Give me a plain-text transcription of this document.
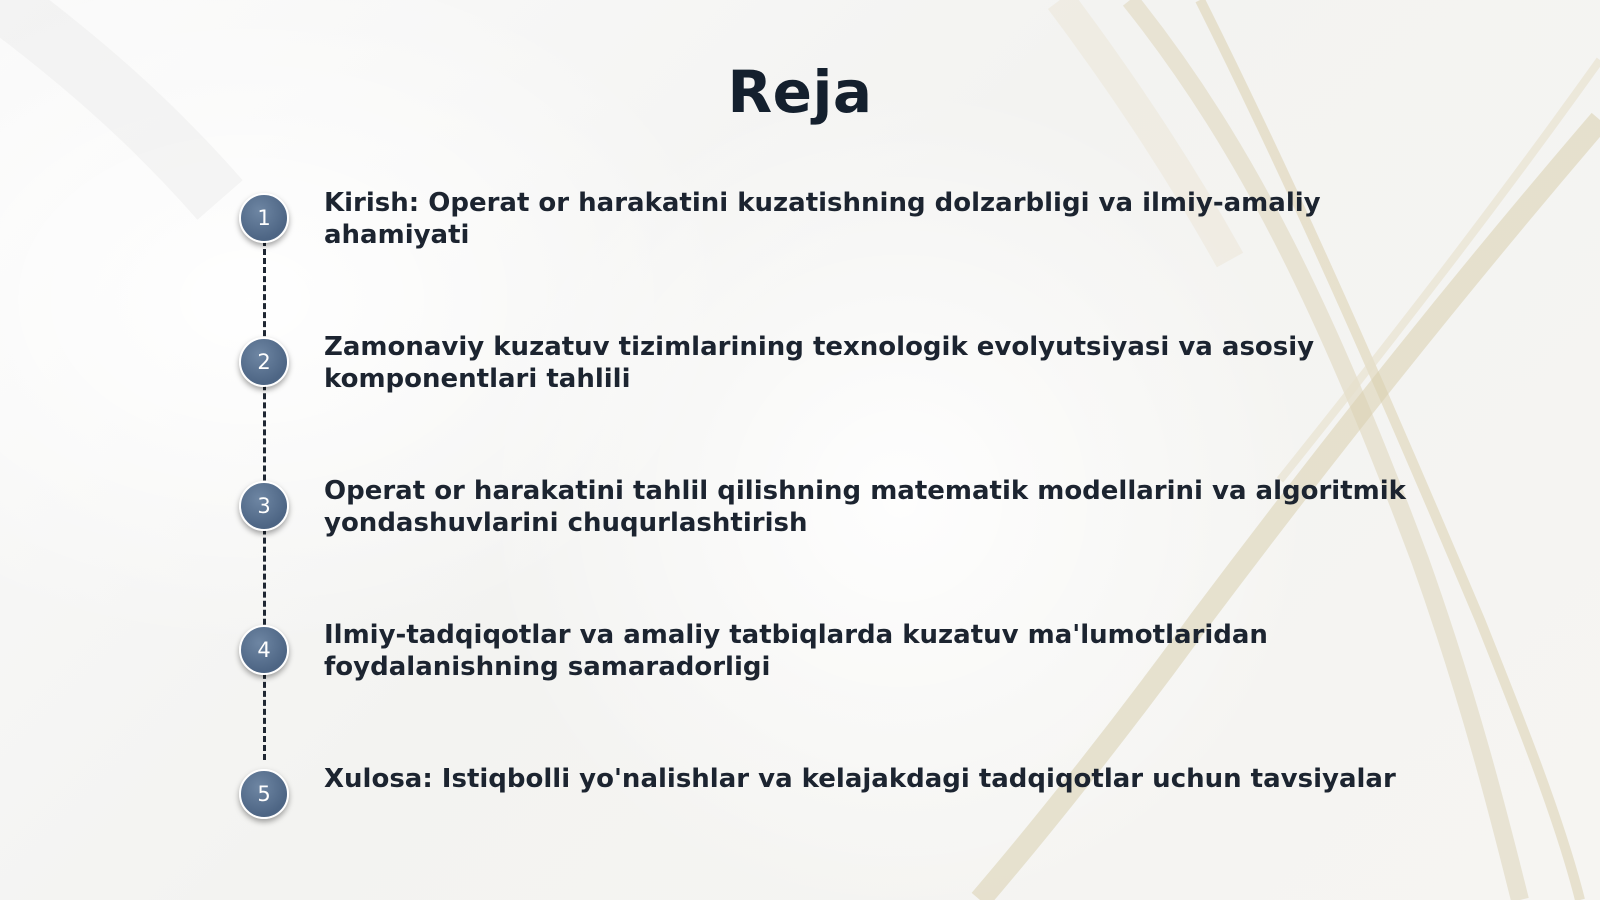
Reja
1	Kirish: Operat or harakatini kuzatishning dolzarbligi va ilmiy-amaliy ahamiyati
2	Zamonaviy kuzatuv tizimlarining texnologik evolyutsiyasi va asosiy komponentlari tahlili
3	Operat or harakatini tahlil qilishning matematik modellarini va algoritmik yondashuvlarini chuqurlashtirish
4	Ilmiy-tadqiqotlar va amaliy tatbiqlarda kuzatuv ma'lumotlaridan foydalanishning samaradorligi
5	Xulosa: Istiqbolli yo'nalishlar va kelajakdagi tadqiqotlar uchun tavsiyalar
